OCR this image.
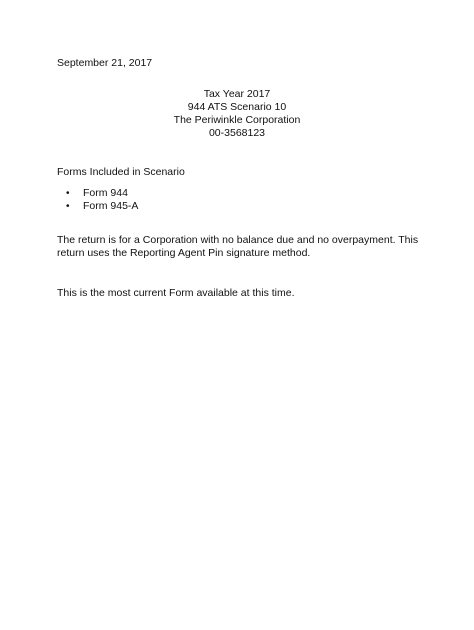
September 21, 2017
Tax Year 2017
944 ATS Scenario 10
The Periwinkle Corporation
00-3568123
Forms Included in Scenario
• Form 944
• Form 945-A
The return is for a Corporation with no balance due and no overpayment. This return uses the Reporting Agent Pin signature method.
This is the most current Form available at this time.
